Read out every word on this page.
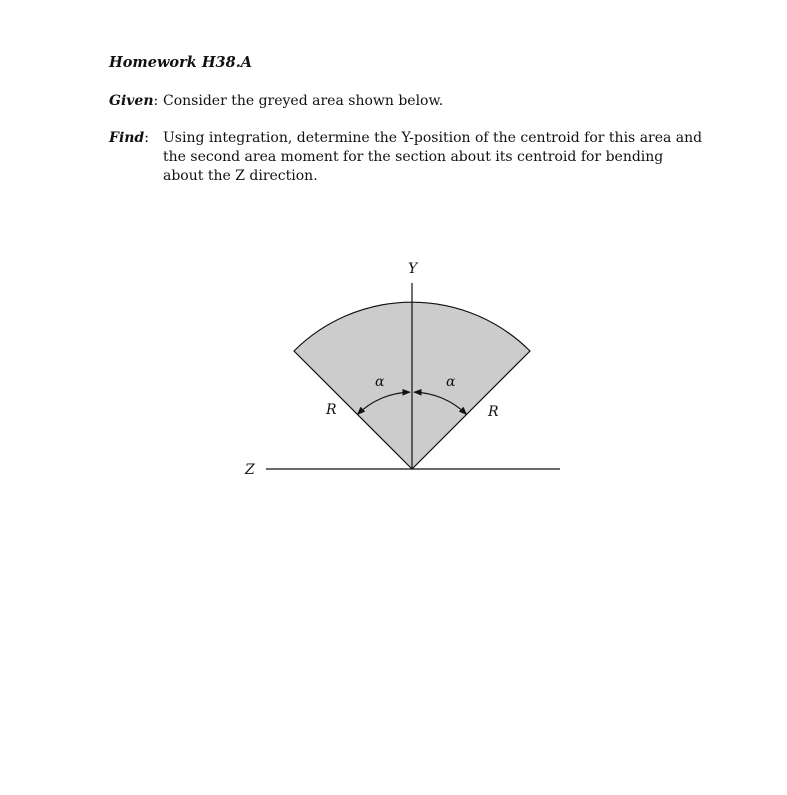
Homework H38.A
Given: Consider the greyed area shown below.
Find: Using integration, determine the Y-position of the centroid for this area and the second area moment for the section about its centroid for bending about the Z direction.
Y
Z
α	α
R	R
